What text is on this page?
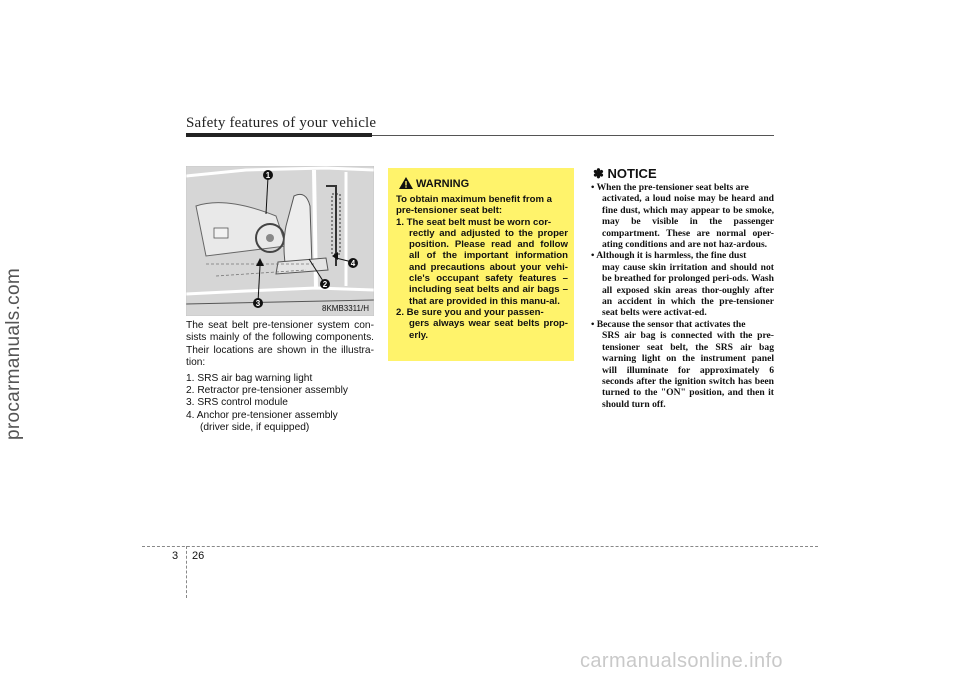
Safety features of your vehicle
procarmanuals.com
1
2
3
4
8KMB3311/H

The seat belt pre-tensioner system con-sists mainly of the following components. Their locations are shown in the illustra-tion:

1. SRS air bag warning light
2. Retractor pre-tensioner assembly
3. SRS control module
4. Anchor pre-tensioner assembly
(driver side, if equipped)
WARNING

To obtain maximum benefit from a pre-tensioner seat belt:

1. The seat belt must be worn cor-
rectly and adjusted to the proper position. Please read and follow all of the important information and precautions about your vehi-cle's occupant safety features – including seat belts and air bags – that are provided in this manu-al.
2. Be sure you and your passen-
gers always wear seat belts prop-erly.
✽ NOTICE
• When the pre-tensioner seat belts are
activated, a loud noise may be heard and fine dust, which may appear to be smoke, may be visible in the passenger compartment. These are normal oper-ating conditions and are not haz-ardous.
• Although it is harmless, the fine dust
may cause skin irritation and should not be breathed for prolonged peri-ods. Wash all exposed skin areas thor-oughly after an accident in which the pre-tensioner seat belts were activat-ed.
• Because the sensor that activates the
SRS air bag is connected with the pre-tensioner seat belt, the SRS air bag warning light on the instrument panel will illuminate for approximately 6 seconds after the ignition switch has been turned to the "ON" position, and then it should turn off.
3 26
carmanualsonline.info
